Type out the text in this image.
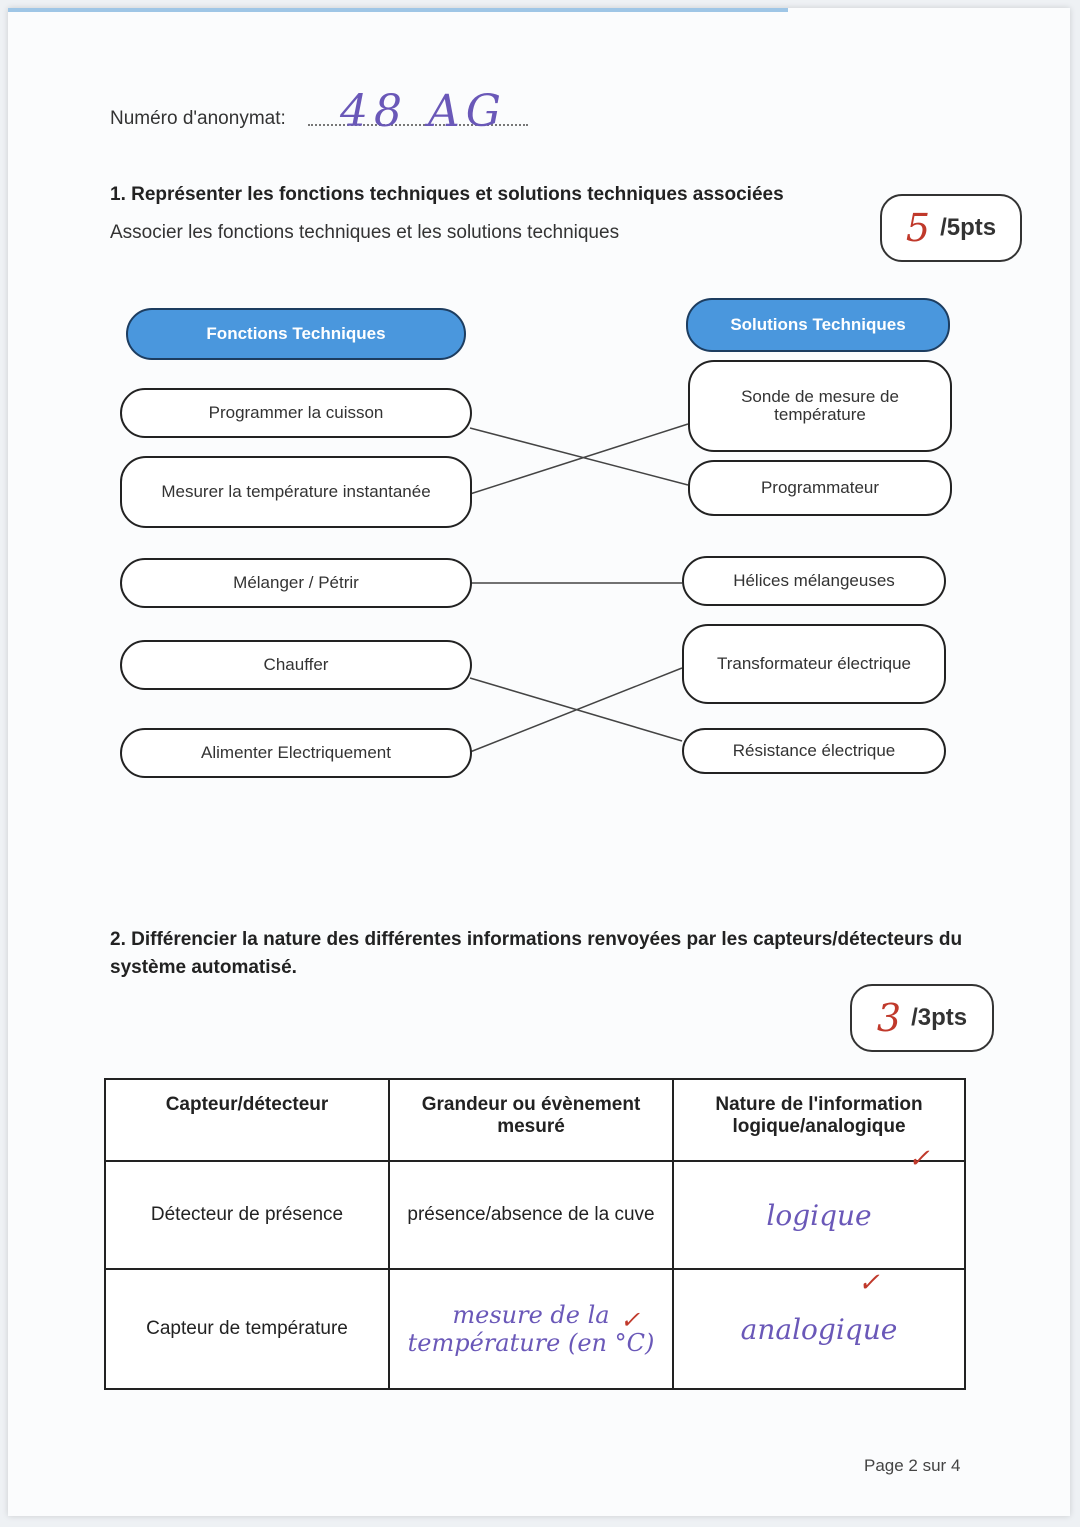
Numéro d'anonymat: 48 AG
1. Représenter les fonctions techniques et solutions techniques associées
Associer les fonctions techniques et les solutions techniques	5 /5pts
Fonctions Techniques
Programmer la cuisson
Mesurer la température instantanée
Mélanger / Pétrir
Chauffer
Alimenter Electriquement
Solutions Techniques
Sonde de mesure de température
Programmateur
Hélices mélangeuses
Transformateur électrique
Résistance électrique
2. Différencier la nature des différentes informations renvoyées par les capteurs/détecteurs du système automatisé.
3 /3pts
Capteur/détecteur	Grandeur ou évènement mesuré	Nature de l'information logique/analogique
Détecteur de présence	présence/absence de la cuve	logique
Capteur de température	mesure de la température (en °C)	analogique
✓
✓
✓
Page 2 sur 4
